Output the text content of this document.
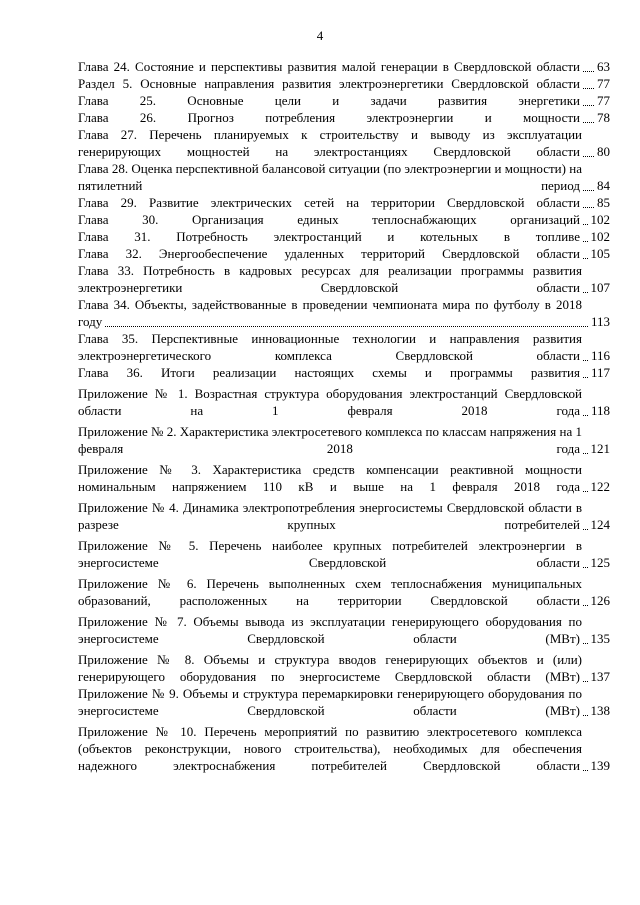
4
Глава 24. Состояние и перспективы развития малой генерации в Свердловской области 63
Раздел 5. Основные направления развития электроэнергетики Свердловской области 77
Глава 25. Основные цели и задачи развития энергетики 77
Глава 26. Прогноз потребления электроэнергии и мощности 78
Глава 27. Перечень планируемых к строительству и выводу из эксплуатации генерирующих мощностей на электростанциях Свердловской области 80
Глава 28. Оценка перспективной балансовой ситуации (по электроэнергии и мощности) на пятилетний период 84
Глава 29. Развитие электрических сетей на территории Свердловской области 85
Глава 30. Организация единых теплоснабжающих организаций 102
Глава 31. Потребность электростанций и котельных в топливе 102
Глава 32. Энергообеспечение удаленных территорий Свердловской области 105
Глава 33. Потребность в кадровых ресурсах для реализации программы развития электроэнергетики Свердловской области 107
Глава 34. Объекты, задействованные в проведении чемпионата мира по футболу в 2018 году	113
Глава 35. Перспективные инновационные технологии и направления развития электроэнергетического комплекса Свердловской области 116
Глава 36. Итоги реализации настоящих схемы и программы развития 117
Приложение № 1. Возрастная структура оборудования электростанций Свердловской области на 1 февраля 2018 года 118
Приложение № 2. Характеристика электросетевого комплекса по классам напряжения на 1 февраля 2018 года 121
Приложение № 3. Характеристика средств компенсации реактивной мощности номинальным напряжением 110 кВ и выше на 1 февраля 2018 года 122
Приложение № 4. Динамика электропотребления энергосистемы Свердловской области в разрезе крупных потребителей 124
Приложение № 5. Перечень наиболее крупных потребителей электроэнергии в энергосистеме Свердловской области 125
Приложение № 6. Перечень выполненных схем теплоснабжения муниципальных образований, расположенных на территории Свердловской области 126
Приложение № 7. Объемы вывода из эксплуатации генерирующего оборудования по энергосистеме Свердловской области (МВт) 135
Приложение № 8. Объемы и структура вводов генерирующих объектов и (или) генерирующего оборудования по энергосистеме Свердловской области (МВт) 137
Приложение № 9. Объемы и структура перемаркировки генерирующего оборудования по энергосистеме Свердловской области (МВт) 138
Приложение № 10. Перечень мероприятий по развитию электросетевого комплекса (объектов реконструкции, нового строительства), необходимых для обеспечения надежного электроснабжения потребителей Свердловской области 139
